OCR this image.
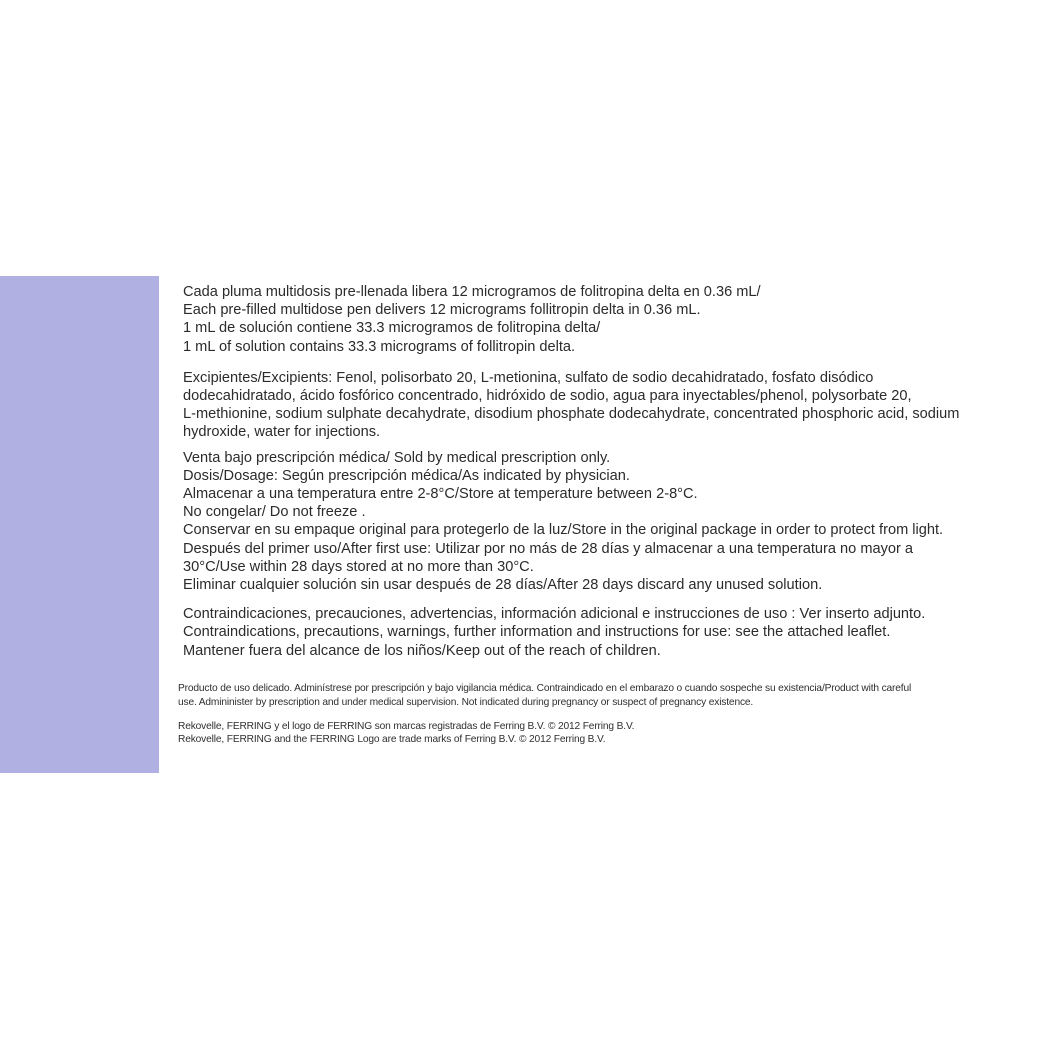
Cada pluma multidosis pre-llenada libera 12 microgramos de folitropina delta en 0.36 mL/

Each pre-filled multidose pen delivers 12 micrograms follitropin delta in 0.36 mL.

1 mL de solución contiene 33.3 microgramos de folitropina delta/

1 mL of solution contains 33.3 micrograms of follitropin delta.

Excipientes/Excipients: Fenol, polisorbato 20, L-metionina, sulfato de sodio decahidratado, fosfato disódico

dodecahidratado, ácido fosfórico concentrado, hidróxido de sodio, agua para inyectables/phenol, polysorbate 20,

L-methionine, sodium sulphate decahydrate, disodium phosphate dodecahydrate, concentrated phosphoric acid, sodium

hydroxide, water for injections.

Venta bajo prescripción médica/ Sold by medical prescription only.

Dosis/Dosage: Según prescripción médica/As indicated by physician.

Almacenar a una temperatura entre 2-8°C/Store at temperature between 2-8°C.

No congelar/ Do not freeze .

Conservar en su empaque original para protegerlo de la luz/Store in the original package in order to protect from light.

Después del primer uso/After first use: Utilizar por no más de 28 días y almacenar a una temperatura no mayor a

30°C/Use within 28 days stored at no more than 30°C.

Eliminar cualquier solución sin usar después de 28 días/After 28 days discard any unused solution.

Contraindicaciones, precauciones, advertencias, información adicional e instrucciones de uso : Ver inserto adjunto.

Contraindications, precautions, warnings, further information and instructions for use: see the attached leaflet.

Mantener fuera del alcance de los niños/Keep out of the reach of children.

Producto de uso delicado. Adminístrese por prescripción y bajo vigilancia médica. Contraindicado en el embarazo o cuando sospeche su existencia/Product with careful

use. Admininister by prescription and under medical supervision. Not indicated during pregnancy or suspect of pregnancy existence.

Rekovelle, FERRING y el logo de FERRING son marcas registradas de Ferring B.V. © 2012 Ferring B.V.

Rekovelle, FERRING and the FERRING Logo are trade marks of Ferring B.V. © 2012 Ferring B.V.
